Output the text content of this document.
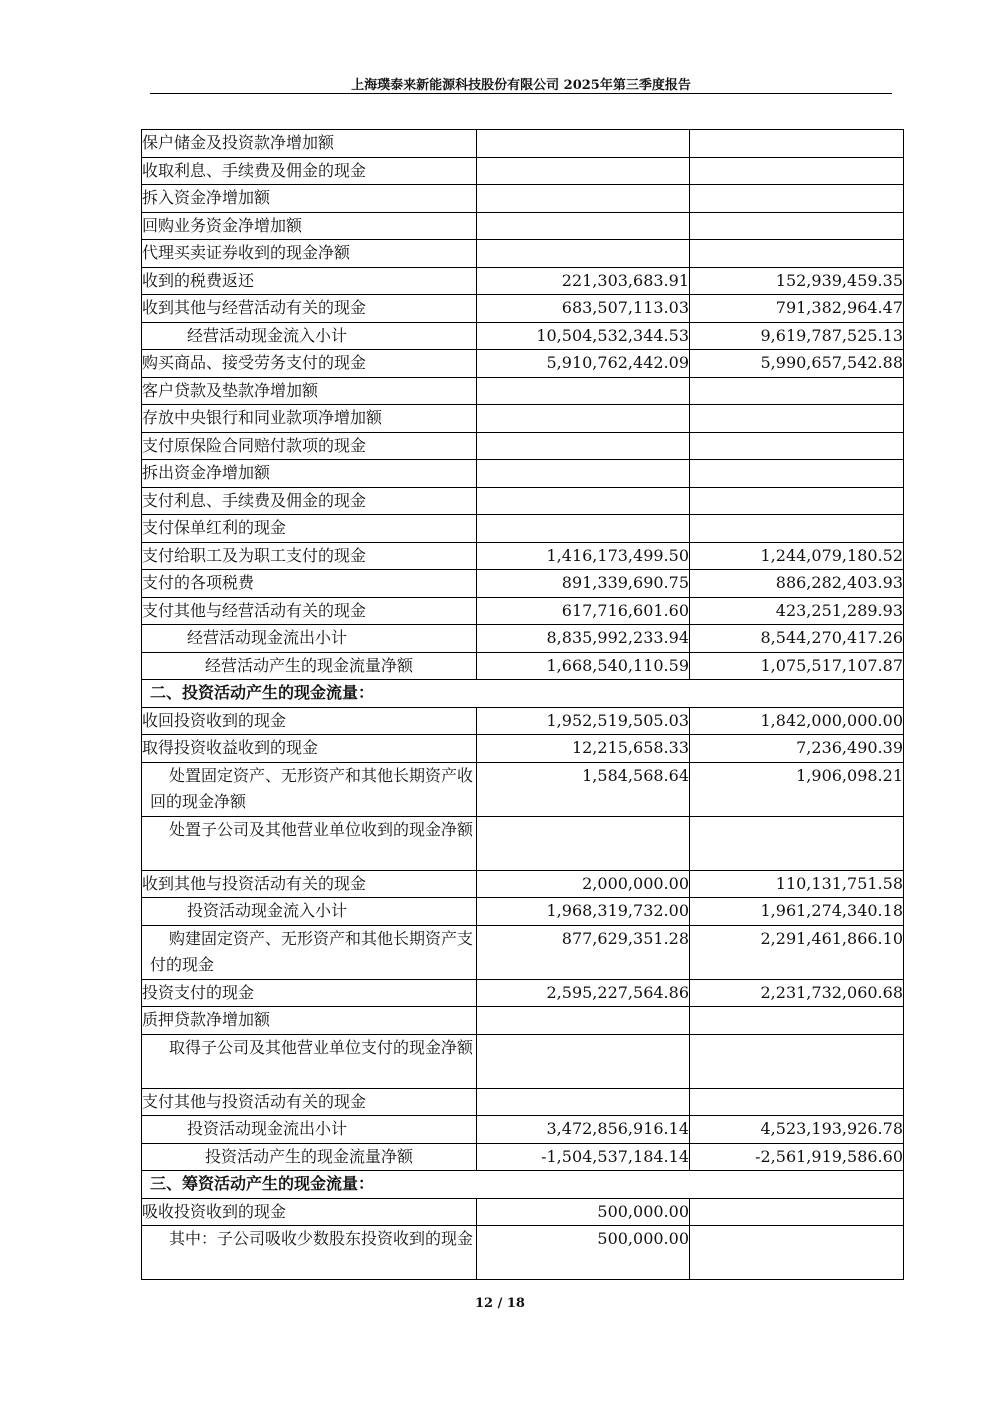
上海璞泰来新能源科技股份有限公司 2025年第三季度报告
保户储金及投资款净增加额		
收取利息、手续费及佣金的现金		
拆入资金净增加额		
回购业务资金净增加额		
代理买卖证券收到的现金净额		
收到的税费返还	221,303,683.91	152,939,459.35
收到其他与经营活动有关的现金	683,507,113.03	791,382,964.47
经营活动现金流入小计	10,504,532,344.53	9,619,787,525.13
购买商品、接受劳务支付的现金	5,910,762,442.09	5,990,657,542.88
客户贷款及垫款净增加额		
存放中央银行和同业款项净增加额		
支付原保险合同赔付款项的现金		
拆出资金净增加额		
支付利息、手续费及佣金的现金		
支付保单红利的现金		
支付给职工及为职工支付的现金	1,416,173,499.50	1,244,079,180.52
支付的各项税费	891,339,690.75	886,282,403.93
支付其他与经营活动有关的现金	617,716,601.60	423,251,289.93
经营活动现金流出小计	8,835,992,233.94	8,544,270,417.26
经营活动产生的现金流量净额	1,668,540,110.59	1,075,517,107.87
二、投资活动产生的现金流量：		
收回投资收到的现金	1,952,519,505.03	1,842,000,000.00
取得投资收益收到的现金	12,215,658.33	7,236,490.39
处置固定资产、无形资产和其他长期资产收回的现金净额	1,584,568.64	1,906,098.21
处置子公司及其他营业单位收到的现金净额		
收到其他与投资活动有关的现金	2,000,000.00	110,131,751.58
投资活动现金流入小计	1,968,319,732.00	1,961,274,340.18
购建固定资产、无形资产和其他长期资产支付的现金	877,629,351.28	2,291,461,866.10
投资支付的现金	2,595,227,564.86	2,231,732,060.68
质押贷款净增加额		
取得子公司及其他营业单位支付的现金净额		
支付其他与投资活动有关的现金		
投资活动现金流出小计	3,472,856,916.14	4,523,193,926.78
投资活动产生的现金流量净额	-1,504,537,184.14	-2,561,919,586.60
三、筹资活动产生的现金流量：		
吸收投资收到的现金	500,000.00	
其中：子公司吸收少数股东投资收到的现金	500,000.00	
12 / 18
